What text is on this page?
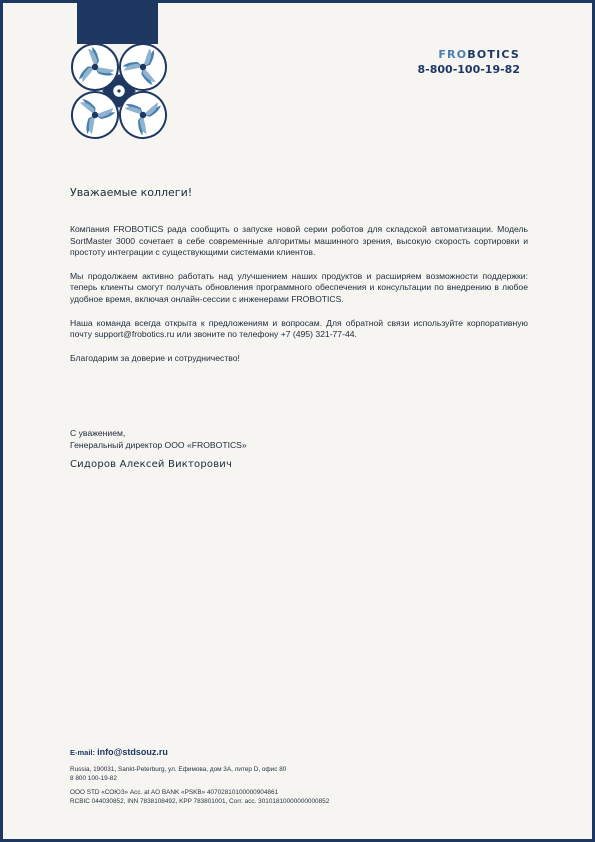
FROBOTICS
8-800-100-19-82
Уважаемые коллеги!

Компания FROBOTICS рада сообщить о запуске новой серии роботов для складской автоматизации. Модель SortMaster 3000 сочетает в себе современные алгоритмы машинного зрения, высокую скорость сортировки и простоту интеграции с существующими системами клиентов.

Мы продолжаем активно работать над улучшением наших продуктов и расширяем возможности поддержки: теперь клиенты смогут получать обновления программного обеспечения и консультации по внедрению в любое удобное время, включая онлайн-сессии с инженерами FROBOTICS.

Наша команда всегда открыта к предложениям и вопросам. Для обратной связи используйте корпоративную почту support@frobotics.ru или звоните по телефону +7 (495) 321-77-44.

Благодарим за доверие и сотрудничество!

С уважением,
Генеральный директор ООО «FROBOTICS»
Сидоров Алексей Викторович
E-mail: info@stdsouz.ru
Russia, 190031, Sankt-Peterburg, ул. Ефимова, дом 3А, литер D, офис 80
8 800 100-19-82
OOO STD «СОЮЗ» Acc. at AO BANK «PSKB» 40702810100000904861
RCBIC 044030852, INN 7838108492, KPP 783801001, Corr. acc. 30101810000000000852
